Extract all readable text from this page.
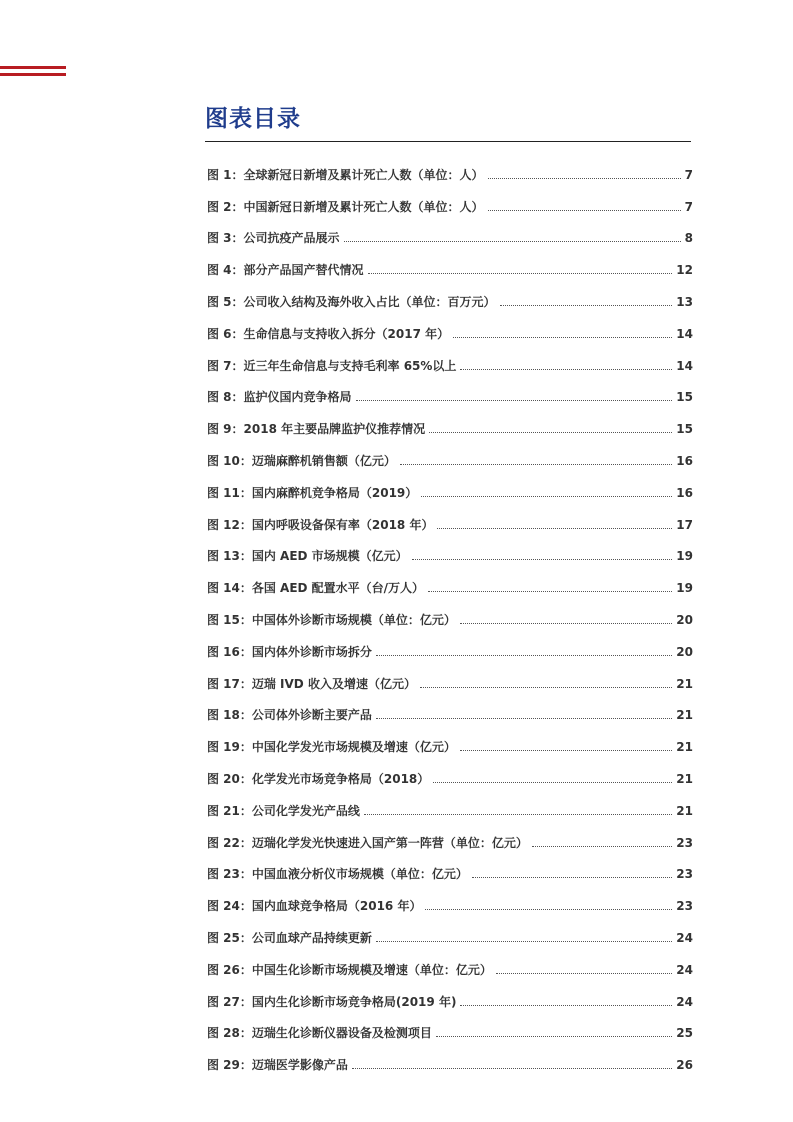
图表目录
图 1：全球新冠日新增及累计死亡人数（单位：人）	7
图 2：中国新冠日新增及累计死亡人数（单位：人）	7
图 3：公司抗疫产品展示	8
图 4：部分产品国产替代情况	12
图 5：公司收入结构及海外收入占比（单位：百万元）	13
图 6：生命信息与支持收入拆分（2017 年）	14
图 7：近三年生命信息与支持毛利率 65%以上	14
图 8：监护仪国内竞争格局	15
图 9：2018 年主要品牌监护仪推荐情况	15
图 10：迈瑞麻醉机销售额（亿元）	16
图 11：国内麻醉机竞争格局（2019）	16
图 12：国内呼吸设备保有率（2018 年）	17
图 13：国内 AED 市场规模（亿元）	19
图 14：各国 AED 配置水平（台/万人）	19
图 15：中国体外诊断市场规模（单位：亿元）	20
图 16：国内体外诊断市场拆分	20
图 17：迈瑞 IVD 收入及增速（亿元）	21
图 18：公司体外诊断主要产品	21
图 19：中国化学发光市场规模及增速（亿元）	21
图 20：化学发光市场竞争格局（2018）	21
图 21：公司化学发光产品线	21
图 22：迈瑞化学发光快速进入国产第一阵营（单位：亿元）	23
图 23：中国血液分析仪市场规模（单位：亿元）	23
图 24：国内血球竞争格局（2016 年）	23
图 25：公司血球产品持续更新	24
图 26：中国生化诊断市场规模及增速（单位：亿元）	24
图 27：国内生化诊断市场竞争格局(2019 年)	24
图 28：迈瑞生化诊断仪器设备及检测项目	25
图 29：迈瑞医学影像产品	26
